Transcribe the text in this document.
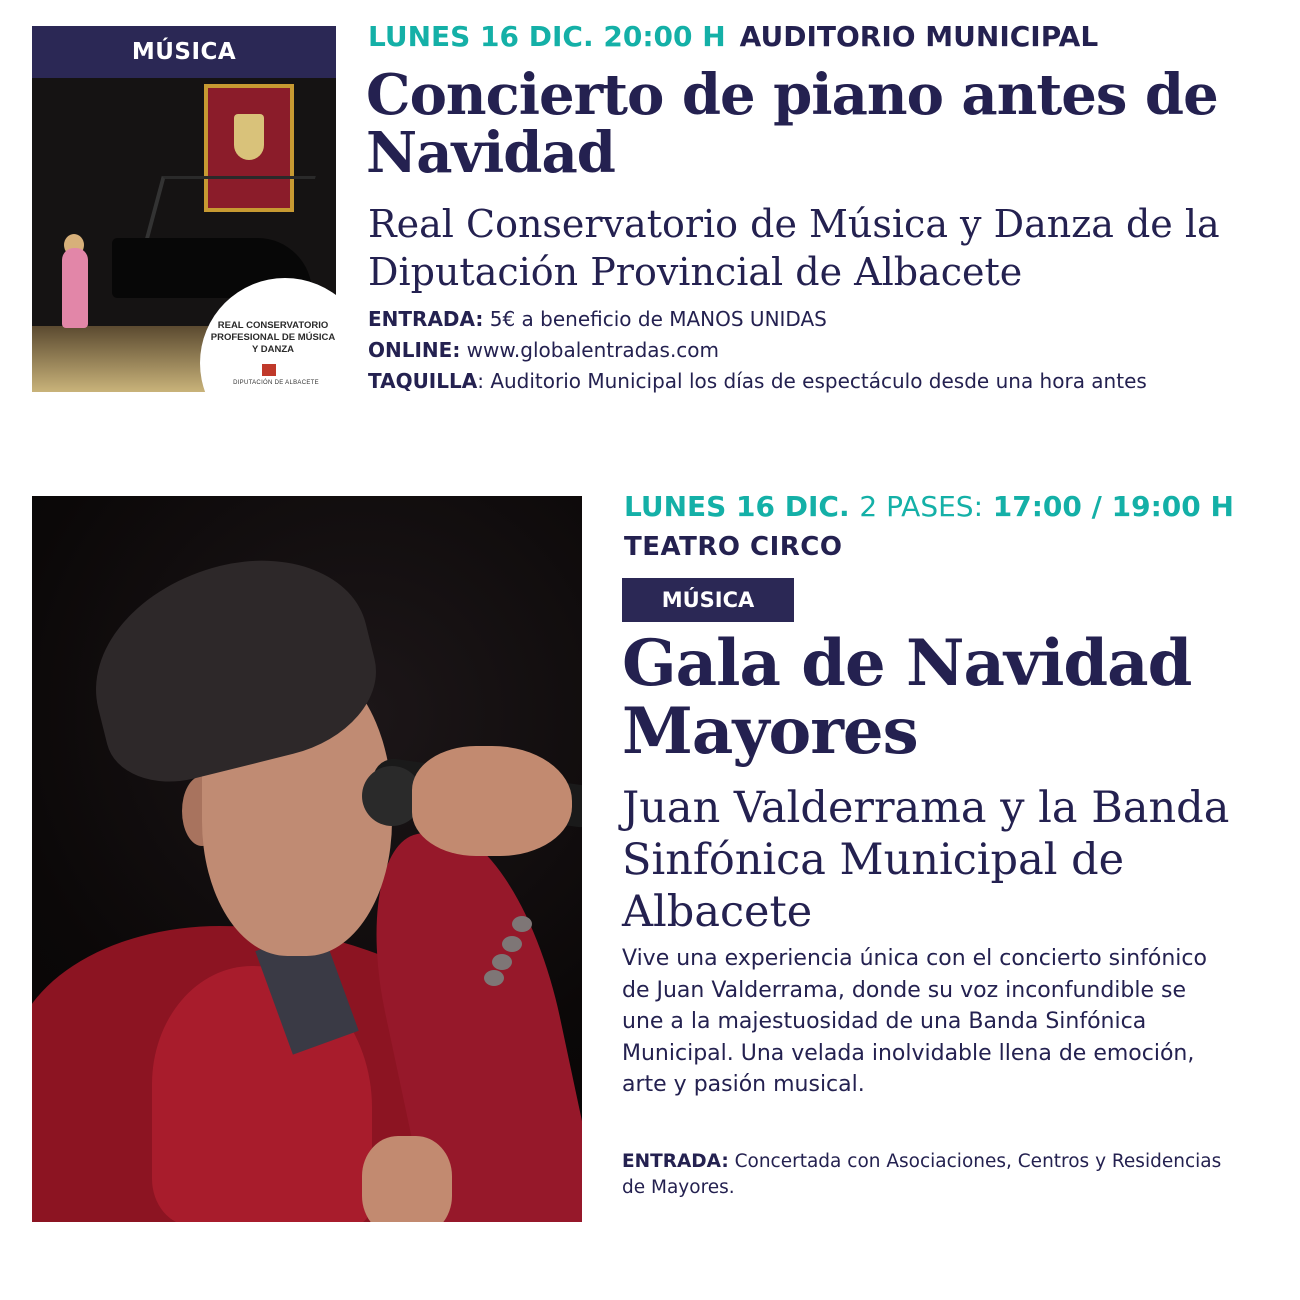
MÚSICA
REAL CONSERVATORIO PROFESIONAL DE MÚSICA Y DANZA
DIPUTACIÓN DE ALBACETE
LUNES 16 DIC. 20:00 H AUDITORIO MUNICIPAL
Concierto de piano antes de Navidad
Real Conservatorio de Música y Danza de la Diputación Provincial de Albacete
ENTRADA: 5€ a beneficio de MANOS UNIDAS
ONLINE: www.globalentradas.com
TAQUILLA: Auditorio Municipal los días de espectáculo desde una hora antes
LUNES 16 DIC. 2 PASES: 17:00 / 19:00 H
TEATRO CIRCO
MÚSICA
Gala de Navidad Mayores
Juan Valderrama y la Banda Sinfónica Municipal de Albacete
Vive una experiencia única con el concierto sinfónico de Juan Valderrama, donde su voz inconfundible se une a la majestuosidad de una Banda Sinfónica Municipal. Una velada inolvidable llena de emoción, arte y pasión musical.
ENTRADA: Concertada con Asociaciones, Centros y Residencias de Mayores.
